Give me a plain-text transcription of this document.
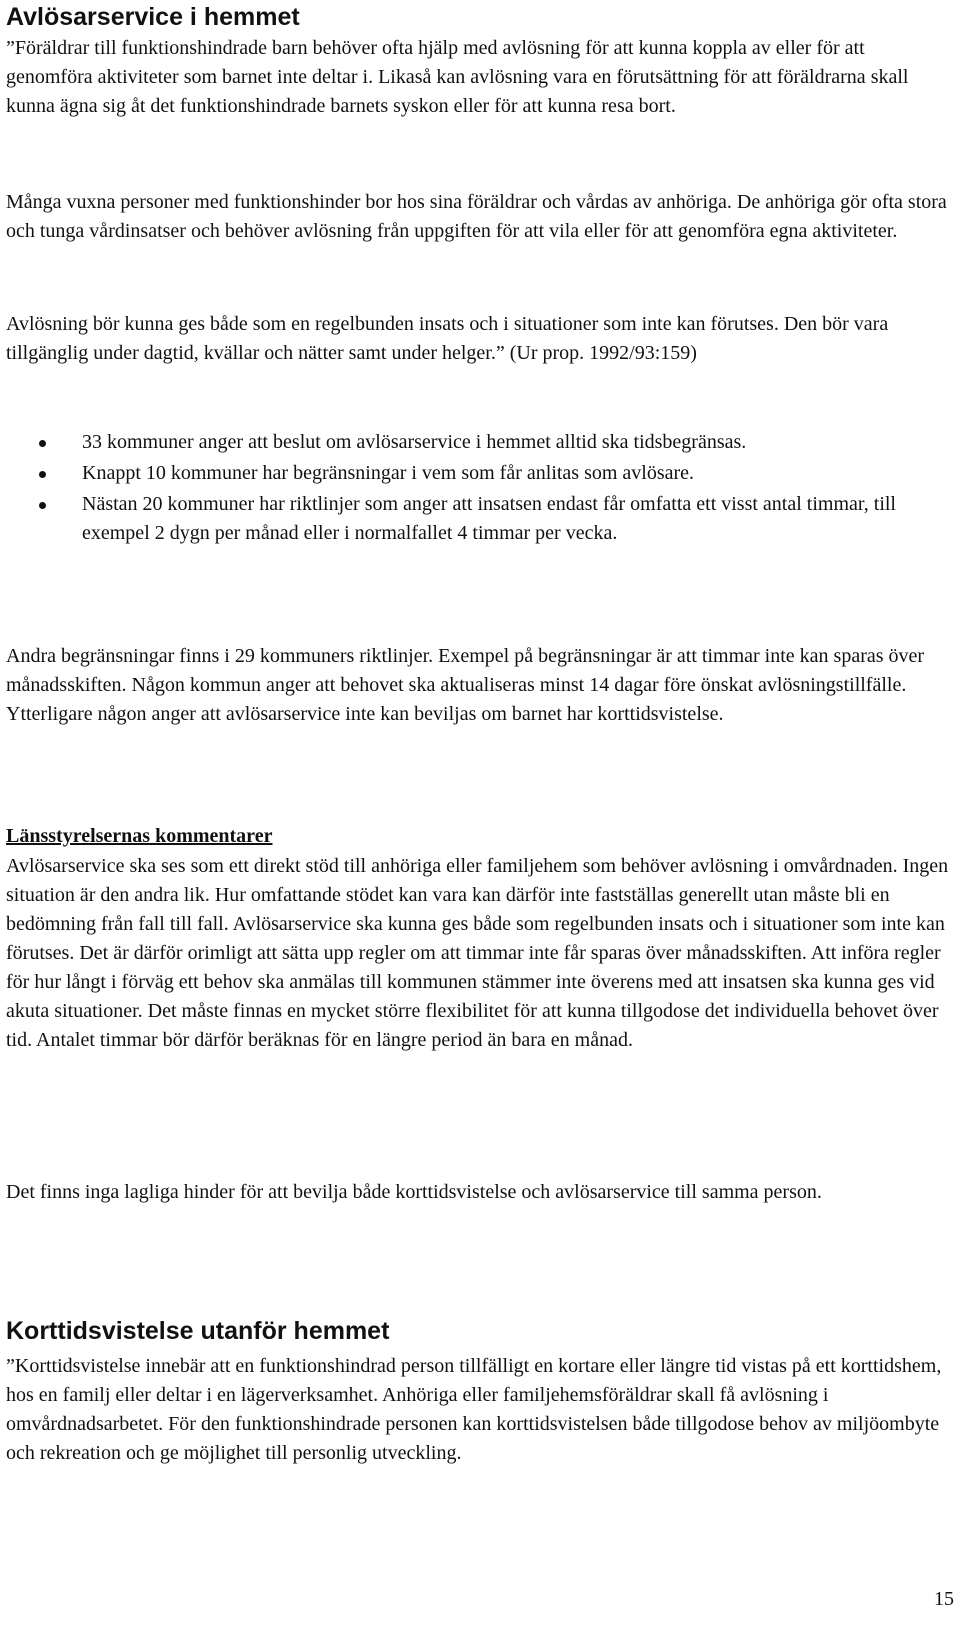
Avlösarservice i hemmet

”Föräldrar till funktionshindrade barn behöver ofta hjälp med avlösning för att kunna koppla av eller för att genomföra aktiviteter som barnet inte deltar i. Likaså kan avlösning vara en förutsättning för att föräldrarna skall kunna ägna sig åt det funktionshindrade barnets syskon eller för att kunna resa bort.

Många vuxna personer med funktionshinder bor hos sina föräldrar och vårdas av anhöriga. De anhöriga gör ofta stora och tunga vårdinsatser och behöver avlösning från uppgiften för att vila eller för att genomföra egna aktiviteter.

Avlösning bör kunna ges både som en regelbunden insats och i situationer som inte kan förutses. Den bör vara tillgänglig under dagtid, kvällar och nätter samt under helger.” (Ur prop. 1992/93:159)

33 kommuner anger att beslut om avlösarservice i hemmet alltid ska tidsbegränsas.
Knappt 10 kommuner har begränsningar i vem som får anlitas som avlösare.
Nästan 20 kommuner har riktlinjer som anger att insatsen endast får omfatta ett visst antal timmar, till exempel 2 dygn per månad eller i normalfallet 4 timmar per vecka.

Andra begränsningar finns i 29 kommuners riktlinjer. Exempel på begränsningar är att timmar inte kan sparas över månadsskiften. Någon kommun anger att behovet ska aktualiseras minst 14 dagar före önskat avlösningstillfälle. Ytterligare någon anger att avlösarservice inte kan beviljas om barnet har korttidsvistelse.

Länsstyrelsernas kommentarer

Avlösarservice ska ses som ett direkt stöd till anhöriga eller familjehem som behöver avlösning i omvårdnaden. Ingen situation är den andra lik. Hur omfattande stödet kan vara kan därför inte fastställas generellt utan måste bli en bedömning från fall till fall. Avlösarservice ska kunna ges både som regelbunden insats och i situationer som inte kan förutses. Det är därför orimligt att sätta upp regler om att timmar inte får sparas över månadsskiften. Att införa regler för hur långt i förväg ett behov ska anmälas till kommunen stämmer inte överens med att insatsen ska kunna ges vid akuta situationer. Det måste finnas en mycket större flexibilitet för att kunna tillgodose det individuella behovet över tid. Antalet timmar bör därför beräknas för en längre period än bara en månad.

Det finns inga lagliga hinder för att bevilja både korttidsvistelse och avlösarservice till samma person.

Korttidsvistelse utanför hemmet

”Korttidsvistelse innebär att en funktionshindrad person tillfälligt en kortare eller längre tid vistas på ett korttidshem, hos en familj eller deltar i en lägerverksamhet. Anhöriga eller familjehemsföräldrar skall få avlösning i omvårdnadsarbetet. För den funktionshindrade personen kan korttidsvistelsen både tillgodose behov av miljöombyte och rekreation och ge möjlighet till personlig utveckling.

15
